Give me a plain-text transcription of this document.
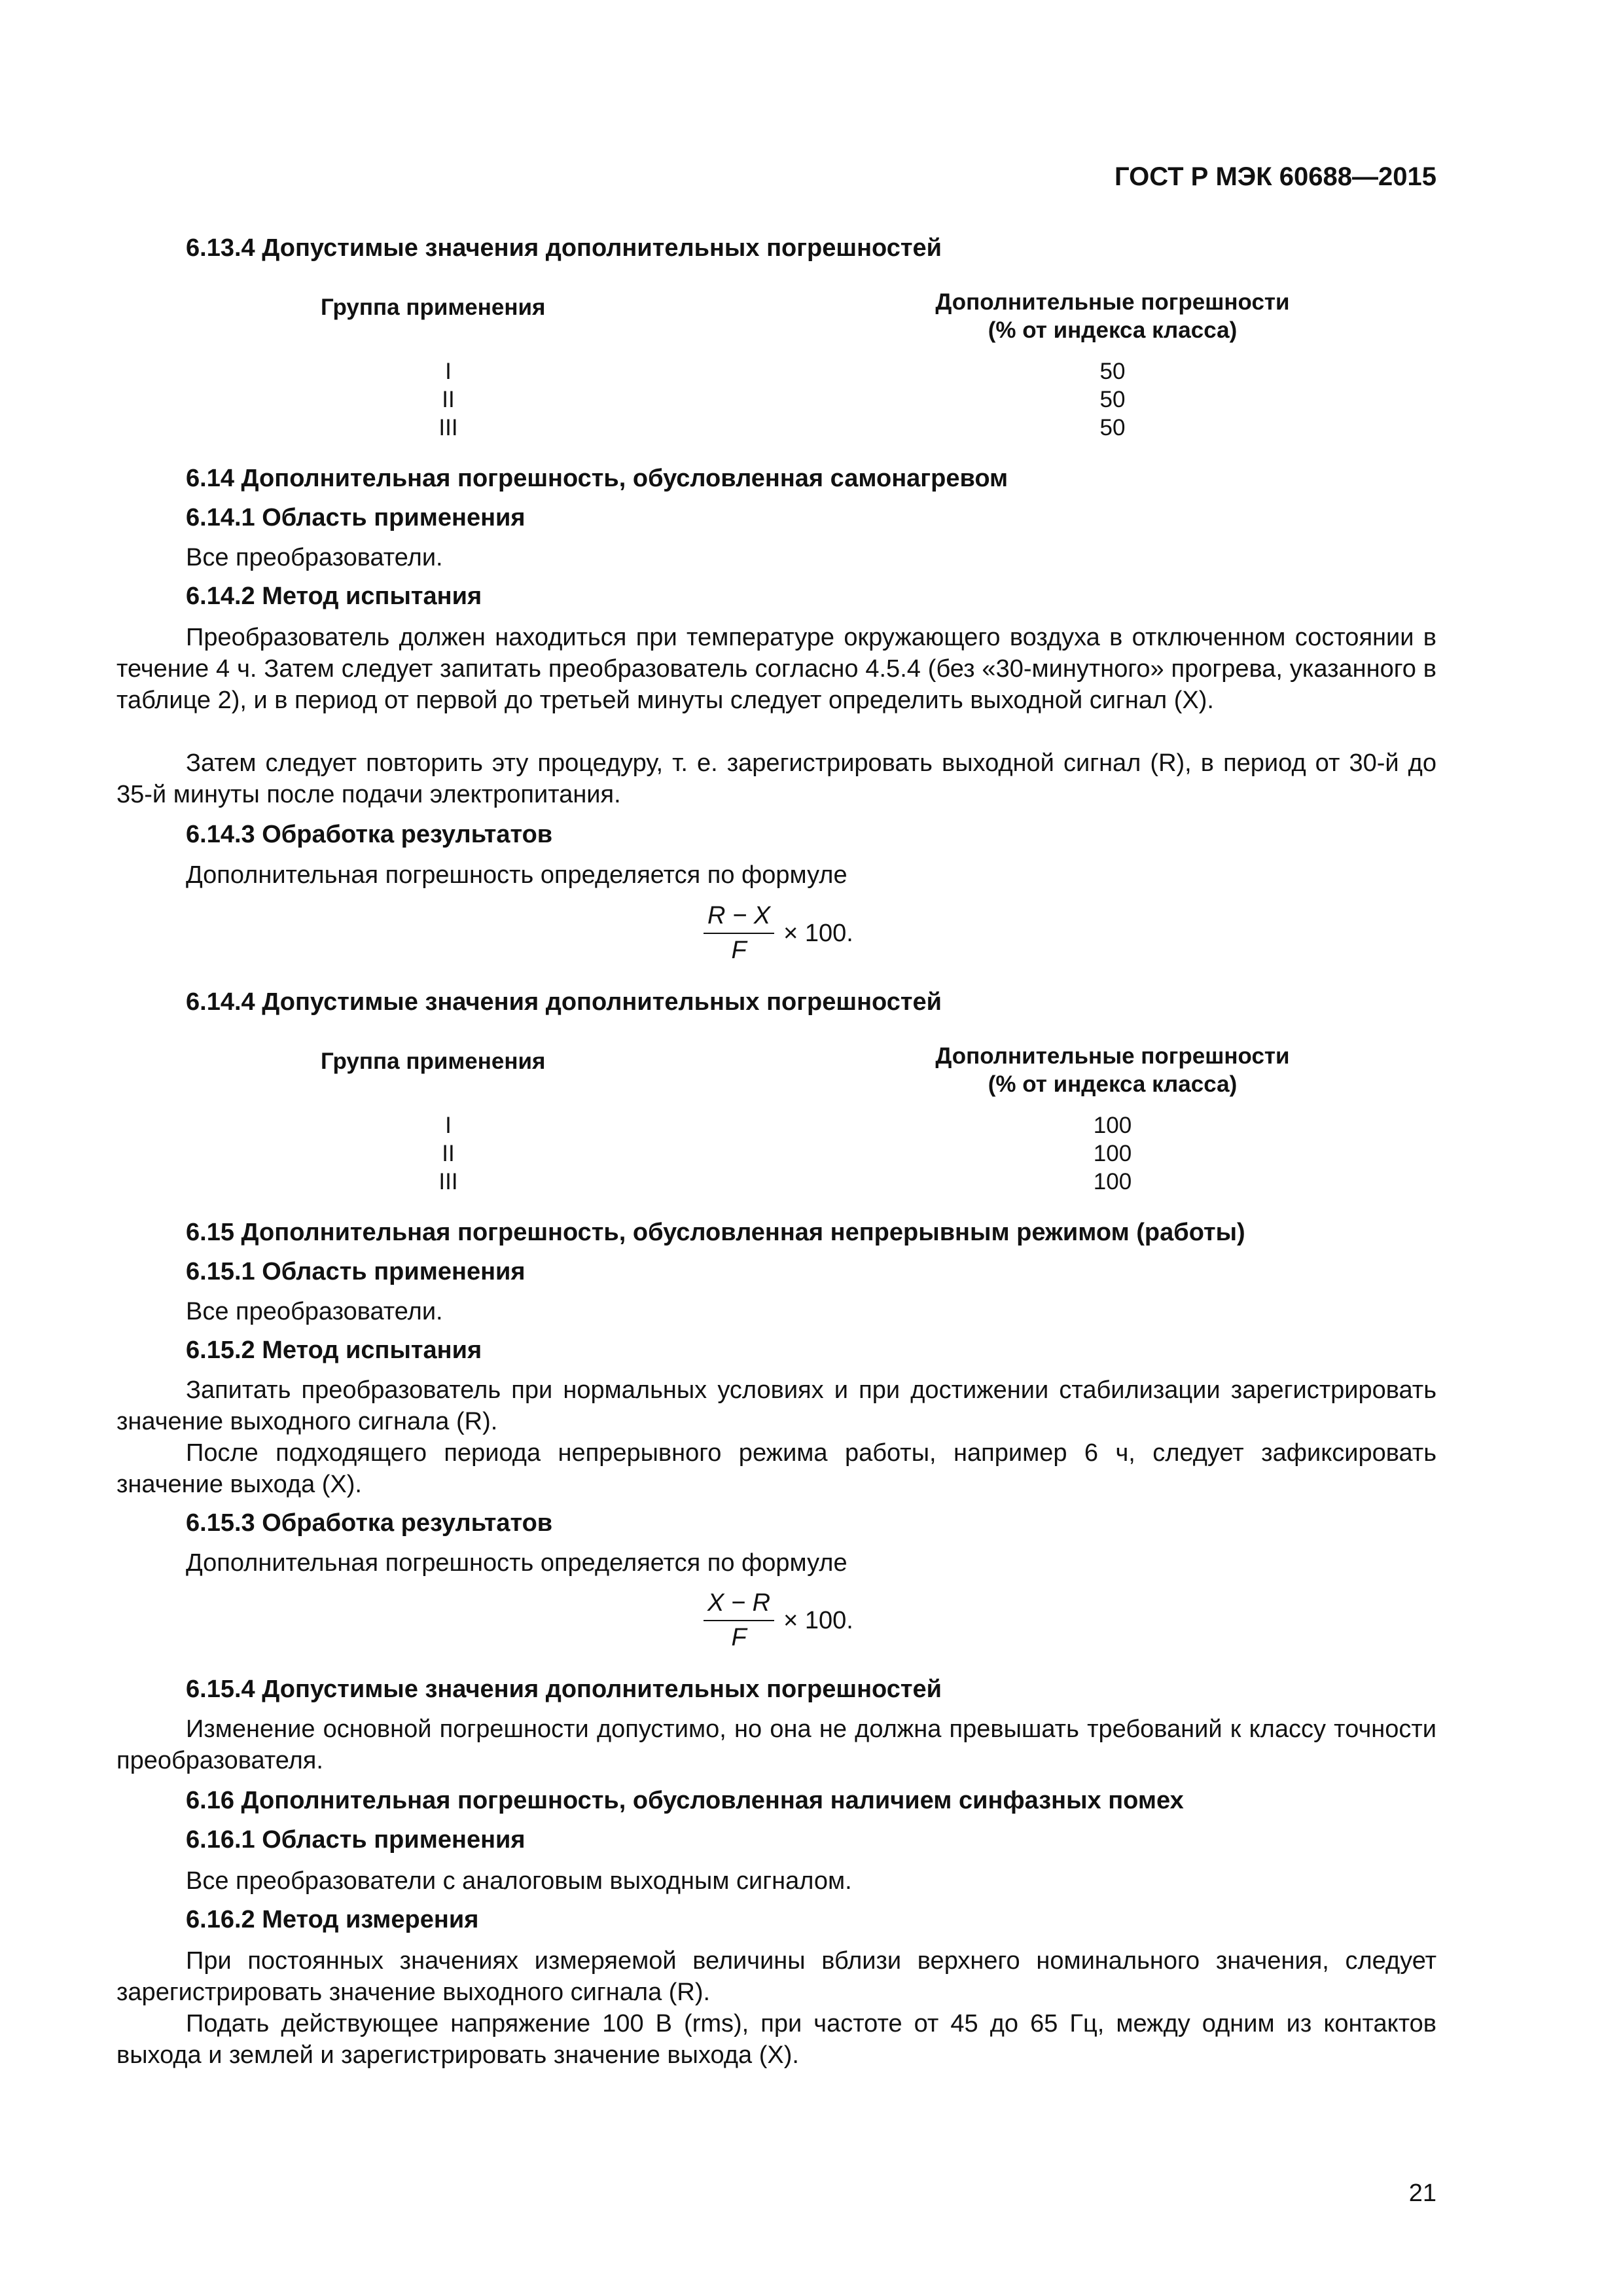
ГОСТ Р МЭК 60688—2015
6.13.4 Допустимые значения дополнительных погрешностей
Группа применения	Дополнительные погрешности
(% от индекса класса)
I	50
II	50
III	50
6.14 Дополнительная погрешность, обусловленная самонагревом
6.14.1 Область применения
Все преобразователи.
6.14.2 Метод испытания
Преобразователь должен находиться при температуре окружающего воздуха в отключенном состоянии в течение 4 ч. Затем следует запитать преобразователь согласно 4.5.4 (без «30-минутного» прогрева, указанного в таблице 2), и в период от первой до третьей минуты следует определить выходной сигнал (X).
Затем следует повторить эту процедуру, т. е. зарегистрировать выходной сигнал (R), в период от 30-й до 35-й минуты после подачи электропитания.
6.14.3 Обработка результатов
Дополнительная погрешность определяется по формуле
$\frac{R - X}{F} \times 100$.
6.14.4 Допустимые значения дополнительных погрешностей
Группа применения	Дополнительные погрешности
(% от индекса класса)
I	100
II	100
III	100
6.15 Дополнительная погрешность, обусловленная непрерывным режимом (работы)
6.15.1 Область применения
Все преобразователи.
6.15.2 Метод испытания
Запитать преобразователь при нормальных условиях и при достижении стабилизации зарегистрировать значение выходного сигнала (R).
После подходящего периода непрерывного режима работы, например 6 ч, следует зафиксировать значение выхода (X).
6.15.3 Обработка результатов
Дополнительная погрешность определяется по формуле
$\frac{X - R}{F} \times 100$.
6.15.4 Допустимые значения дополнительных погрешностей
Изменение основной погрешности допустимо, но она не должна превышать требований к классу точности преобразователя.
6.16 Дополнительная погрешность, обусловленная наличием синфазных помех
6.16.1 Область применения
Все преобразователи с аналоговым выходным сигналом.
6.16.2 Метод измерения
При постоянных значениях измеряемой величины вблизи верхнего номинального значения, следует зарегистрировать значение выходного сигнала (R).
Подать действующее напряжение 100 В (rms), при частоте от 45 до 65 Гц, между одним из контактов выхода и землей и зарегистрировать значение выхода (X).
21
